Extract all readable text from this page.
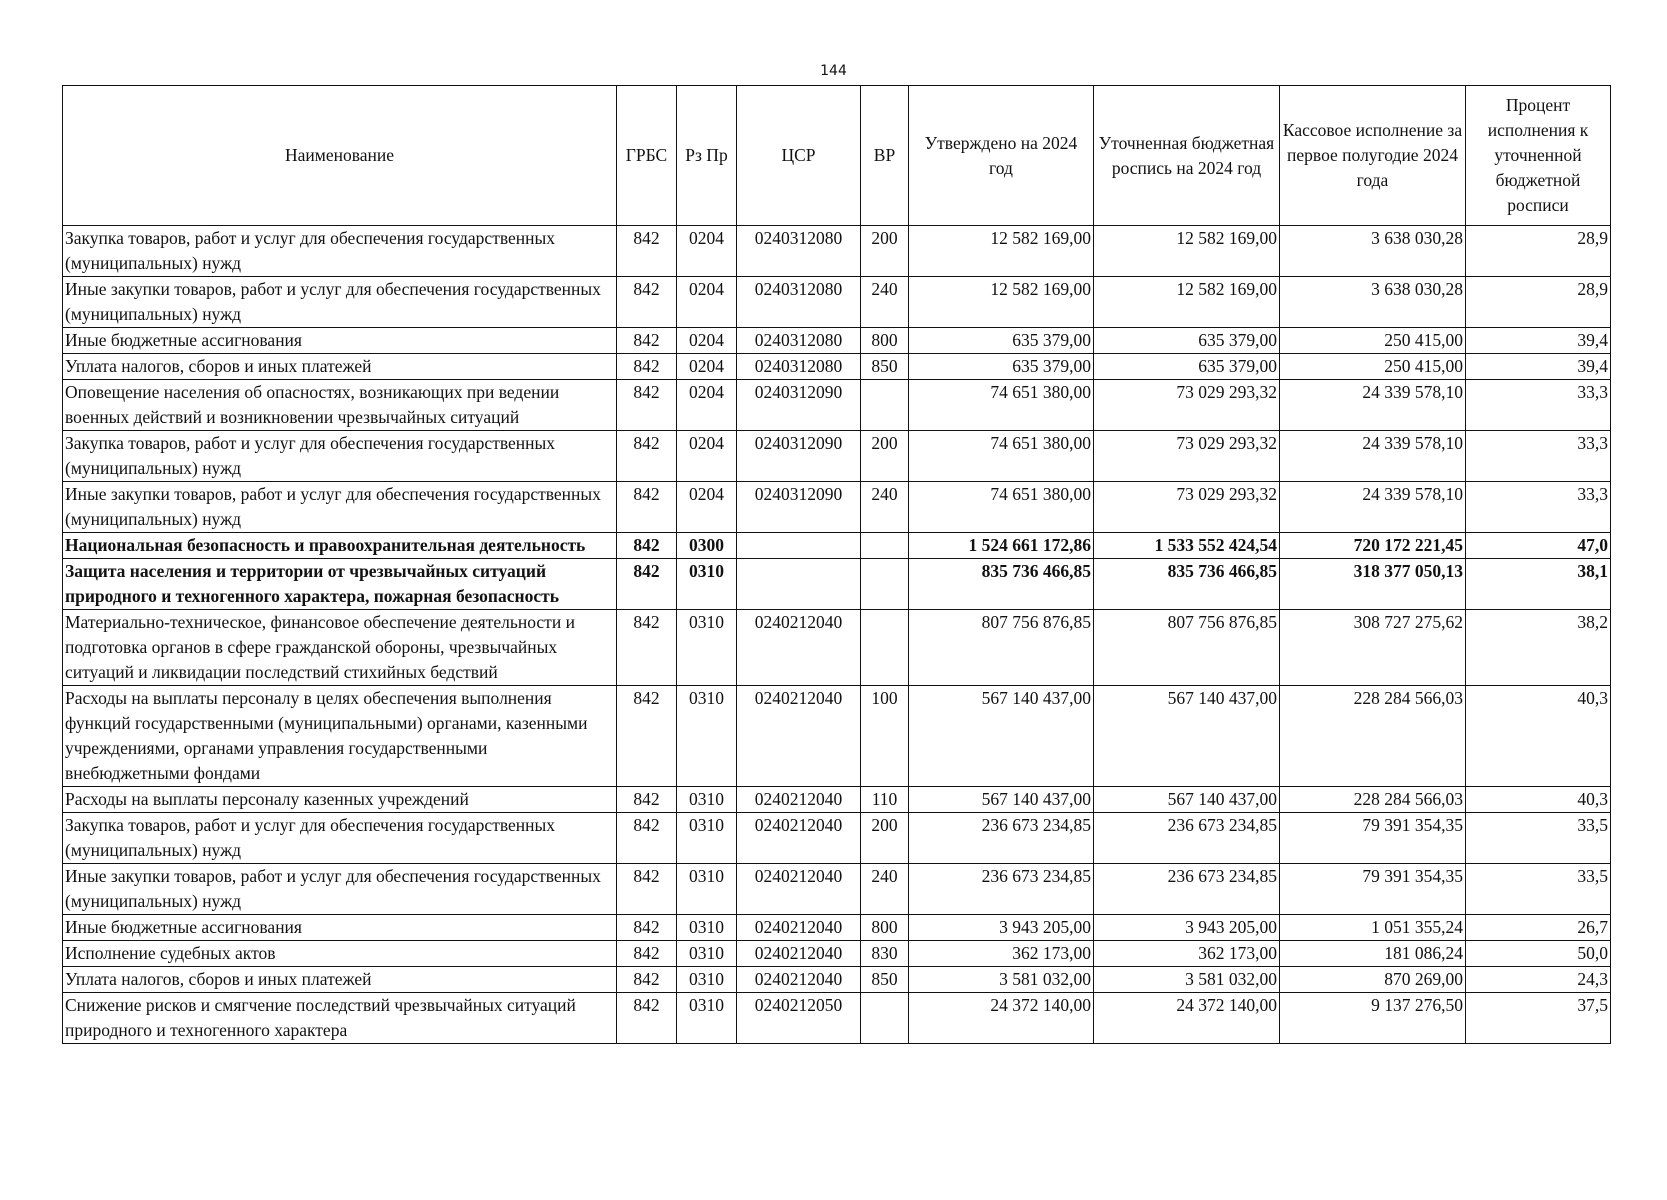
144
Наименование	ГРБС	Рз Пр	ЦСР	ВР	Утверждено на 2024 год	Уточненная бюджетная роспись на 2024 год	Кассовое исполнение за первое полугодие 2024 года	Процент исполнения к уточненной бюджетной росписи
Закупка товаров, работ и услуг для обеспечения государственных (муниципальных) нужд	842	0204	0240312080	200	12 582 169,00	12 582 169,00	3 638 030,28	28,9
Иные закупки товаров, работ и услуг для обеспечения государственных (муниципальных) нужд	842	0204	0240312080	240	12 582 169,00	12 582 169,00	3 638 030,28	28,9
Иные бюджетные ассигнования	842	0204	0240312080	800	635 379,00	635 379,00	250 415,00	39,4
Уплата налогов, сборов и иных платежей	842	0204	0240312080	850	635 379,00	635 379,00	250 415,00	39,4
Оповещение населения об опасностях, возникающих при ведении военных действий и возникновении чрезвычайных ситуаций	842	0204	0240312090		74 651 380,00	73 029 293,32	24 339 578,10	33,3
Закупка товаров, работ и услуг для обеспечения государственных (муниципальных) нужд	842	0204	0240312090	200	74 651 380,00	73 029 293,32	24 339 578,10	33,3
Иные закупки товаров, работ и услуг для обеспечения государственных (муниципальных) нужд	842	0204	0240312090	240	74 651 380,00	73 029 293,32	24 339 578,10	33,3
Национальная безопасность и правоохранительная деятельность	842	0300			1 524 661 172,86	1 533 552 424,54	720 172 221,45	47,0
Защита населения и территории от чрезвычайных ситуаций природного и техногенного характера, пожарная безопасность	842	0310			835 736 466,85	835 736 466,85	318 377 050,13	38,1
Материально-техническое, финансовое обеспечение деятельности и подготовка органов в сфере гражданской обороны, чрезвычайных ситуаций и ликвидации последствий стихийных бедствий	842	0310	0240212040		807 756 876,85	807 756 876,85	308 727 275,62	38,2
Расходы на выплаты персоналу в целях обеспечения выполнения функций государственными (муниципальными) органами, казенными учреждениями, органами управления государственными внебюджетными фондами	842	0310	0240212040	100	567 140 437,00	567 140 437,00	228 284 566,03	40,3
Расходы на выплаты персоналу казенных учреждений	842	0310	0240212040	110	567 140 437,00	567 140 437,00	228 284 566,03	40,3
Закупка товаров, работ и услуг для обеспечения государственных (муниципальных) нужд	842	0310	0240212040	200	236 673 234,85	236 673 234,85	79 391 354,35	33,5
Иные закупки товаров, работ и услуг для обеспечения государственных (муниципальных) нужд	842	0310	0240212040	240	236 673 234,85	236 673 234,85	79 391 354,35	33,5
Иные бюджетные ассигнования	842	0310	0240212040	800	3 943 205,00	3 943 205,00	1 051 355,24	26,7
Исполнение судебных актов	842	0310	0240212040	830	362 173,00	362 173,00	181 086,24	50,0
Уплата налогов, сборов и иных платежей	842	0310	0240212040	850	3 581 032,00	3 581 032,00	870 269,00	24,3
Снижение рисков и смягчение последствий чрезвычайных ситуаций природного и техногенного характера	842	0310	0240212050		24 372 140,00	24 372 140,00	9 137 276,50	37,5
